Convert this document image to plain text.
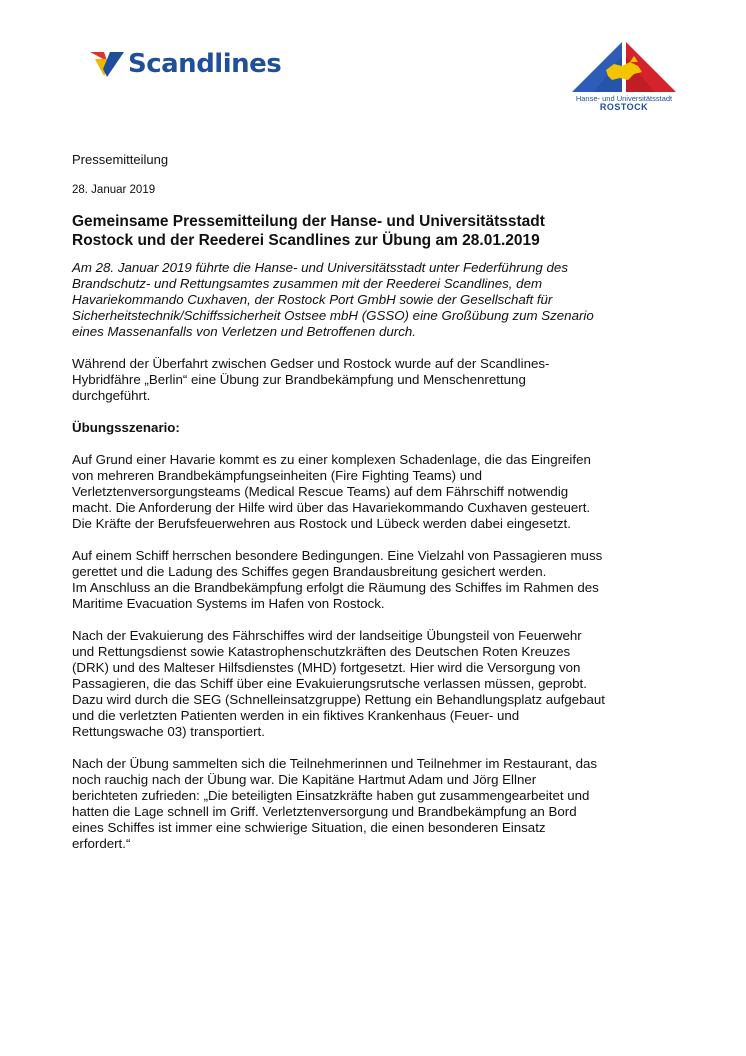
Scandlines
Hanse- und Universitätsstadt
ROSTOCK

Pressemitteilung

28. Januar 2019

Gemeinsame Pressemitteilung der Hanse- und Universitätsstadt
Rostock und der Reederei Scandlines zur Übung am 28.01.2019

Am 28. Januar 2019 führte die Hanse- und Universitätsstadt unter Federführung des
Brandschutz- und Rettungsamtes zusammen mit der Reederei Scandlines, dem
Havariekommando Cuxhaven, der Rostock Port GmbH sowie der Gesellschaft für
Sicherheitstechnik/Schiffssicherheit Ostsee mbH (GSSO) eine Großübung zum Szenario
eines Massenanfalls von Verletzen und Betroffenen durch.

Während der Überfahrt zwischen Gedser und Rostock wurde auf der Scandlines-
Hybridfähre „Berlin“ eine Übung zur Brandbekämpfung und Menschenrettung
durchgeführt.

Übungsszenario:

Auf Grund einer Havarie kommt es zu einer komplexen Schadenlage, die das Eingreifen
von mehreren Brandbekämpfungseinheiten (Fire Fighting Teams) und
Verletztenversorgungsteams (Medical Rescue Teams) auf dem Fährschiff notwendig
macht. Die Anforderung der Hilfe wird über das Havariekommando Cuxhaven gesteuert.
Die Kräfte der Berufsfeuerwehren aus Rostock und Lübeck werden dabei eingesetzt.

Auf einem Schiff herrschen besondere Bedingungen. Eine Vielzahl von Passagieren muss
gerettet und die Ladung des Schiffes gegen Brandausbreitung gesichert werden.
Im Anschluss an die Brandbekämpfung erfolgt die Räumung des Schiffes im Rahmen des
Maritime Evacuation Systems im Hafen von Rostock.

Nach der Evakuierung des Fährschiffes wird der landseitige Übungsteil von Feuerwehr
und Rettungsdienst sowie Katastrophenschutzkräften des Deutschen Roten Kreuzes
(DRK) und des Malteser Hilfsdienstes (MHD) fortgesetzt. Hier wird die Versorgung von
Passagieren, die das Schiff über eine Evakuierungsrutsche verlassen müssen, geprobt.
Dazu wird durch die SEG (Schnelleinsatzgruppe) Rettung ein Behandlungsplatz aufgebaut
und die verletzten Patienten werden in ein fiktives Krankenhaus (Feuer- und
Rettungswache 03) transportiert.

Nach der Übung sammelten sich die Teilnehmerinnen und Teilnehmer im Restaurant, das
noch rauchig nach der Übung war. Die Kapitäne Hartmut Adam und Jörg Ellner
berichteten zufrieden: „Die beteiligten Einsatzkräfte haben gut zusammengearbeitet und
hatten die Lage schnell im Griff. Verletztenversorgung und Brandbekämpfung an Bord
eines Schiffes ist immer eine schwierige Situation, die einen besonderen Einsatz
erfordert.“
